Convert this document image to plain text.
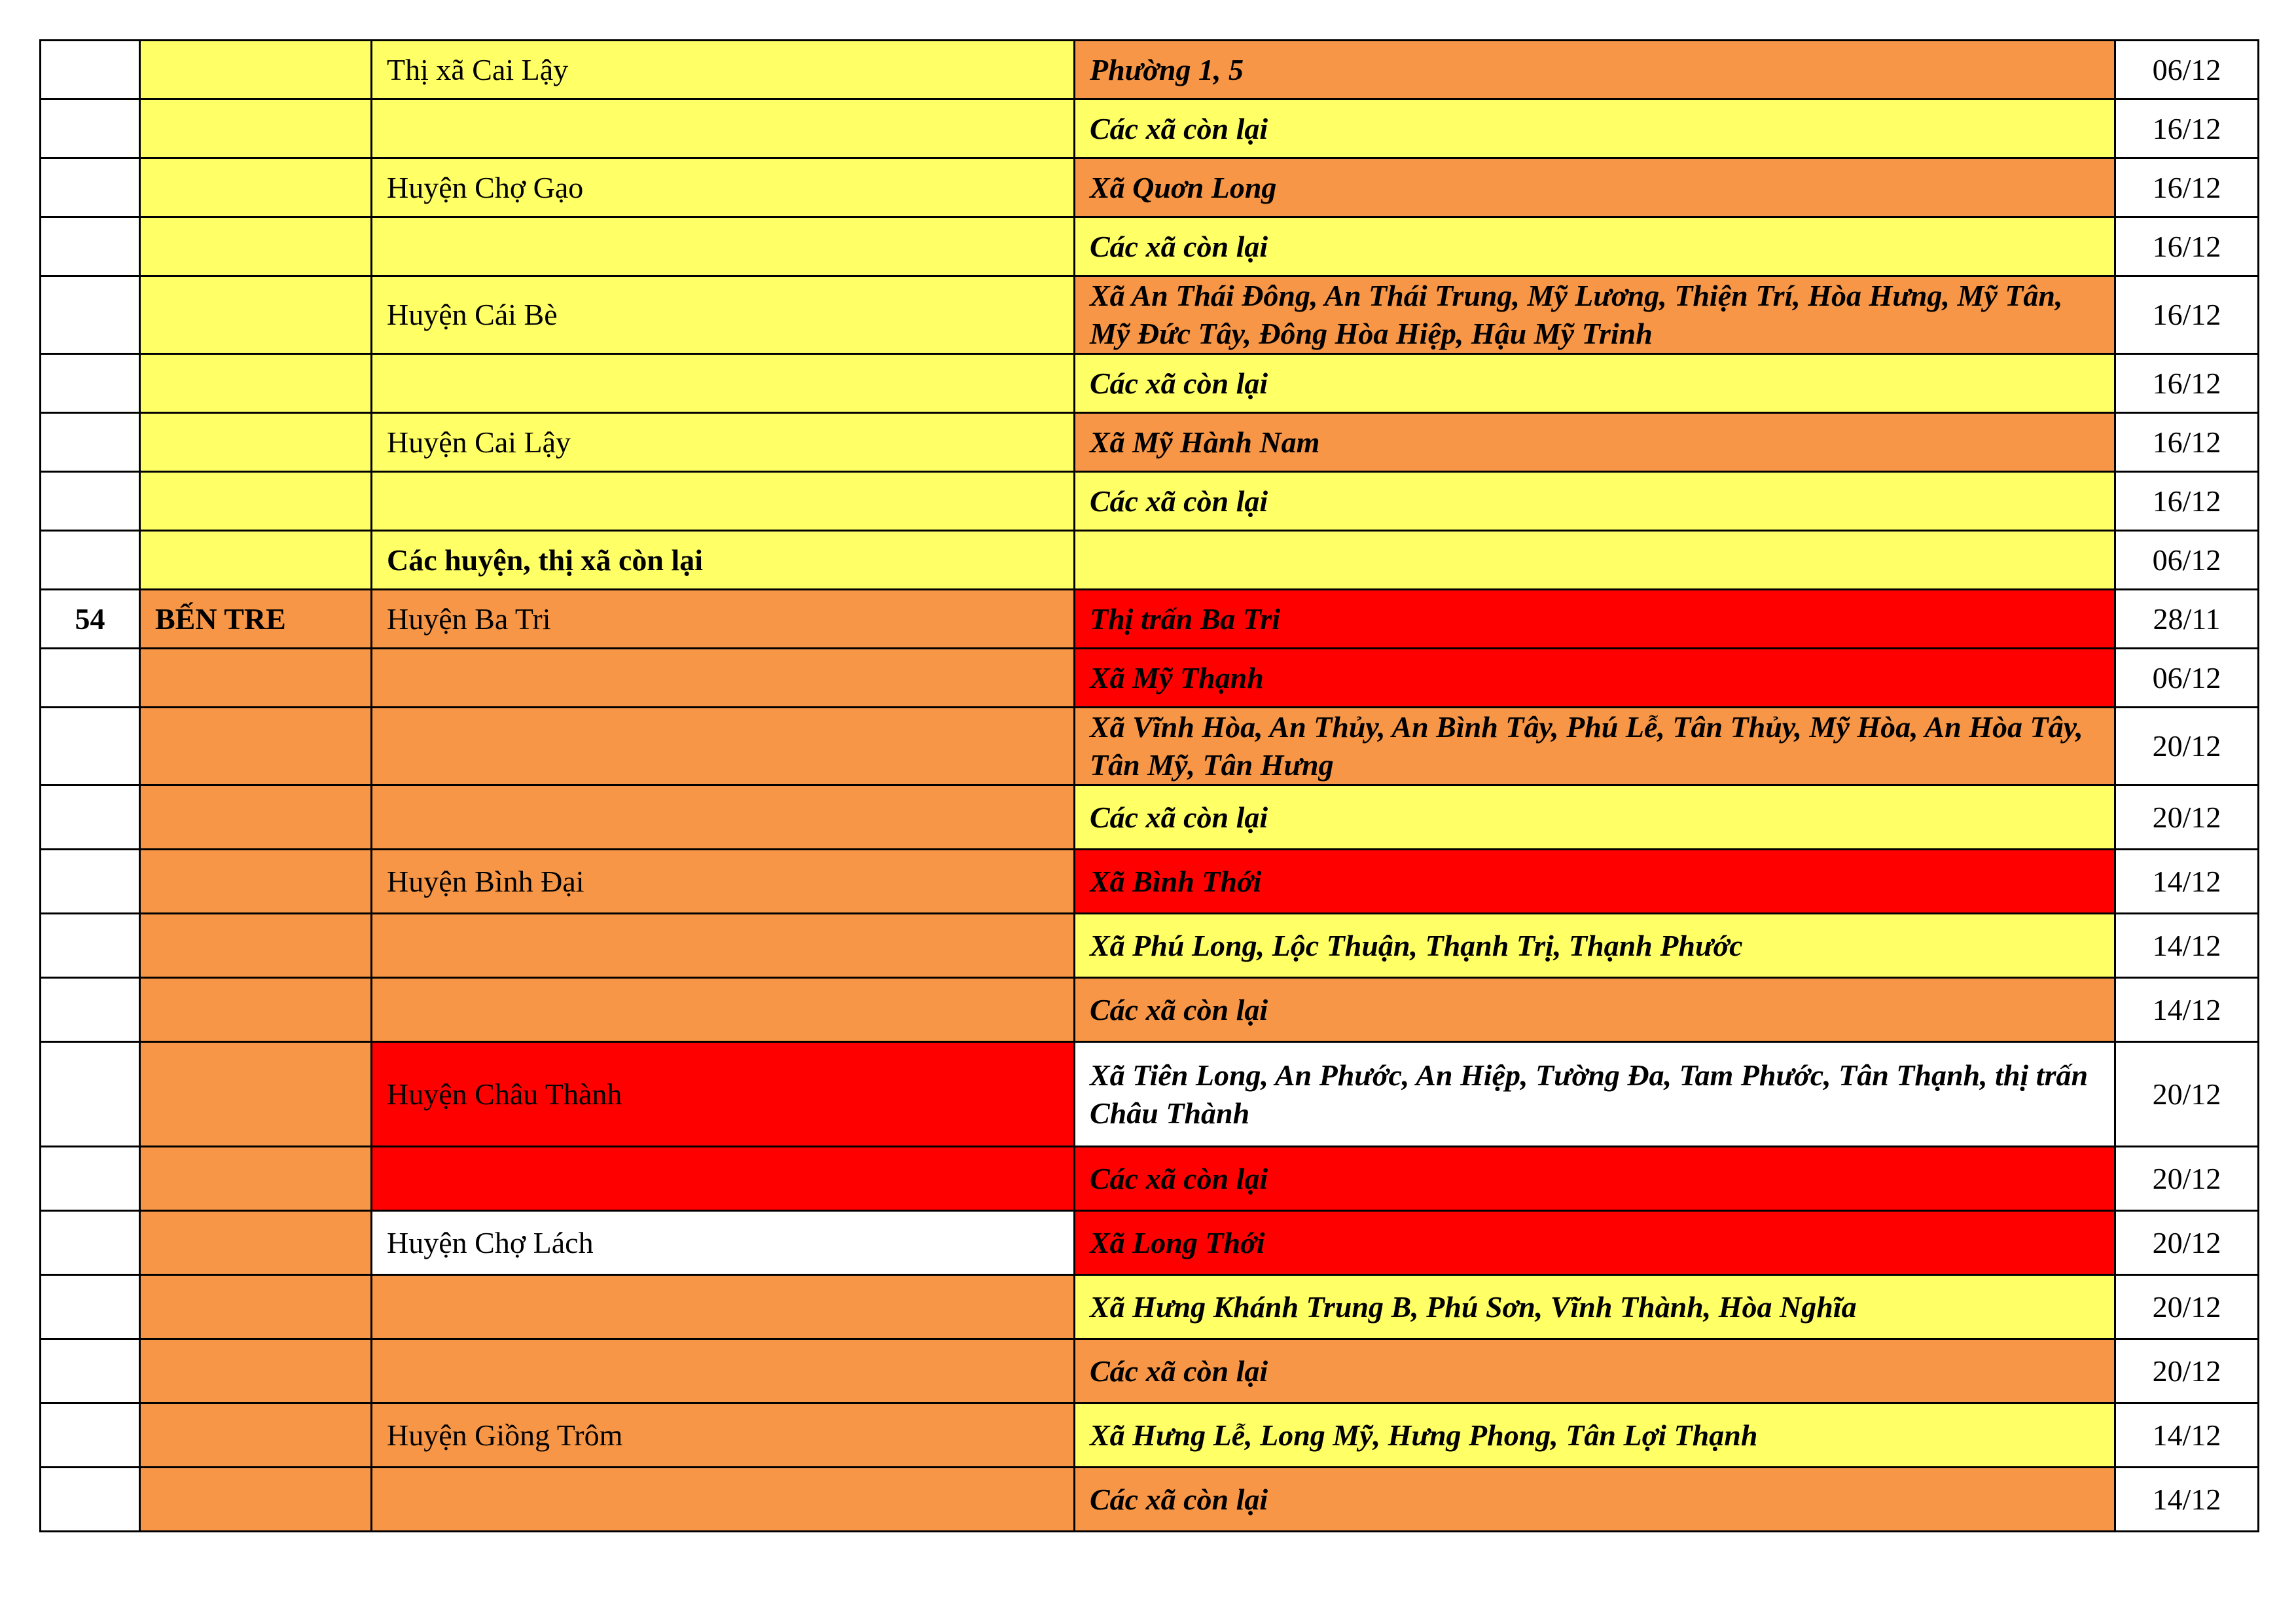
		Thị xã Cai Lậy	Phường 1, 5	06/12
			Các xã còn lại	16/12
		Huyện Chợ Gạo	Xã Quơn Long	16/12
			Các xã còn lại	16/12
		Huyện Cái Bè	Xã An Thái Đông, An Thái Trung, Mỹ Lương, Thiện Trí, Hòa Hưng, Mỹ Tân, Mỹ Đức Tây, Đông Hòa Hiệp, Hậu Mỹ Trinh	16/12
			Các xã còn lại	16/12
		Huyện Cai Lậy	Xã Mỹ Hành Nam	16/12
			Các xã còn lại	16/12
		Các huyện, thị xã còn lại		06/12
54	BẾN TRE	Huyện Ba Tri	Thị trấn Ba Tri	28/11
			Xã Mỹ Thạnh	06/12
			Xã Vĩnh Hòa, An Thủy, An Bình Tây, Phú Lễ, Tân Thủy, Mỹ Hòa, An Hòa Tây, Tân Mỹ, Tân Hưng	20/12
			Các xã còn lại	20/12
		Huyện Bình Đại	Xã Bình Thới	14/12
			Xã Phú Long, Lộc Thuận, Thạnh Trị, Thạnh Phước	14/12
			Các xã còn lại	14/12
		Huyện Châu Thành	Xã Tiên Long, An Phước, An Hiệp, Tường Đa, Tam Phước, Tân Thạnh, thị trấn Châu Thành	20/12
			Các xã còn lại	20/12
		Huyện Chợ Lách	Xã Long Thới	20/12
			Xã Hưng Khánh Trung B, Phú Sơn, Vĩnh Thành, Hòa Nghĩa	20/12
			Các xã còn lại	20/12
		Huyện Giồng Trôm	Xã Hưng Lễ, Long Mỹ, Hưng Phong, Tân Lợi Thạnh	14/12
			Các xã còn lại	14/12
